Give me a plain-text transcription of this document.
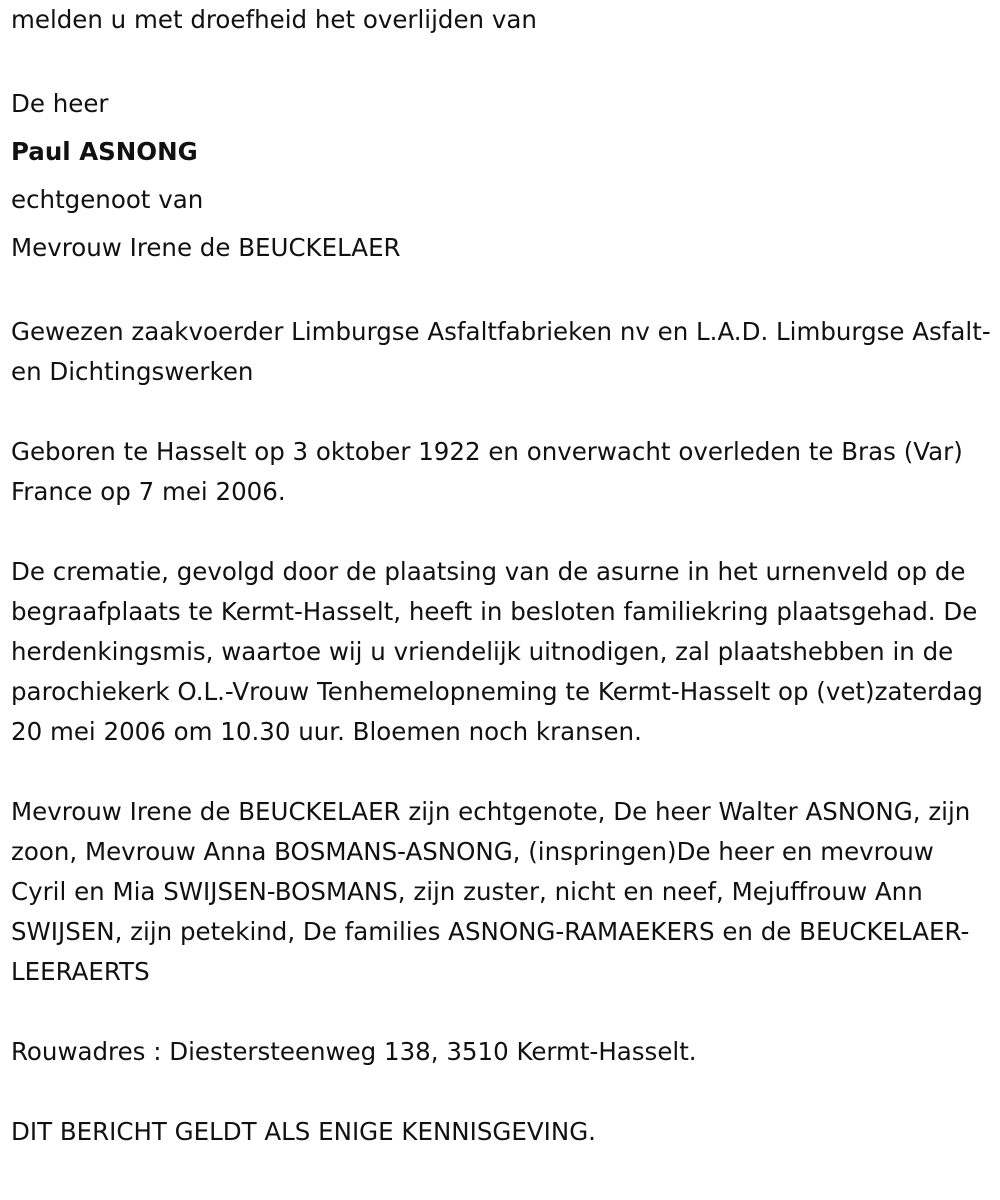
melden u met droefheid het overlijden van

De heer

Paul ASNONG

echtgenoot van

Mevrouw Irene de BEUCKELAER

Gewezen zaakvoerder Limburgse Asfaltfabrieken nv en L.A.D. Limburgse Asfalt- en Dichtingswerken

Geboren te Hasselt op 3 oktober 1922 en onverwacht overleden te Bras (Var) France op 7 mei 2006.

De crematie, gevolgd door de plaatsing van de asurne in het urnenveld op de begraafplaats te Kermt-Hasselt, heeft in besloten familiekring plaatsgehad. De herdenkingsmis, waartoe wij u vriendelijk uitnodigen, zal plaatshebben in de parochiekerk O.L.-Vrouw Tenhemelopneming te Kermt-Hasselt op (vet)zaterdag 20 mei 2006 om 10.30 uur. Bloemen noch kransen.

Mevrouw Irene de BEUCKELAER zijn echtgenote, De heer Walter ASNONG, zijn zoon, Mevrouw Anna BOSMANS-ASNONG, (inspringen)De heer en mevrouw Cyril en Mia SWIJSEN-BOSMANS, zijn zuster, nicht en neef, Mejuffrouw Ann SWIJSEN, zijn petekind, De families ASNONG-RAMAEKERS en de BEUCKELAER-LEERAERTS

Rouwadres : Diestersteenweg 138, 3510 Kermt-Hasselt.

DIT BERICHT GELDT ALS ENIGE KENNISGEVING.
